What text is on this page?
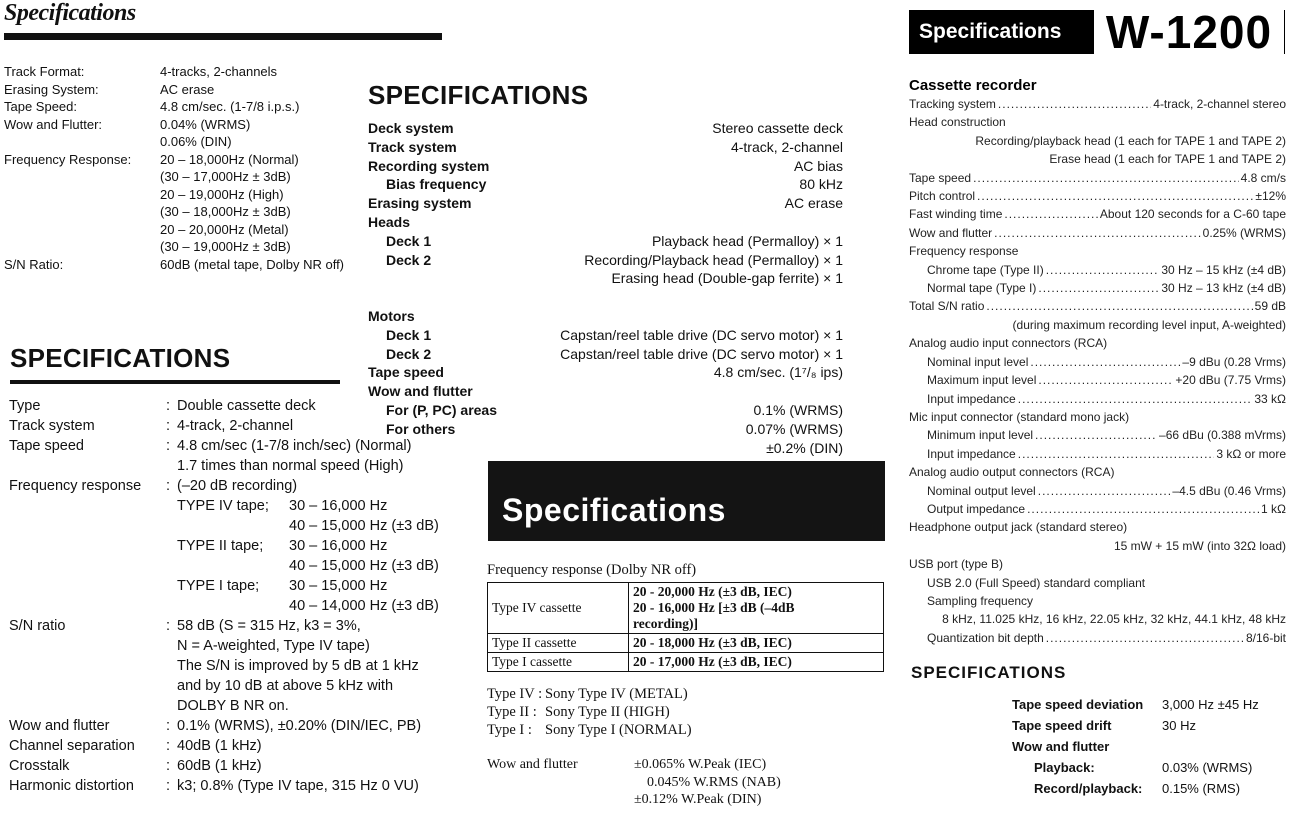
Specifications
Track Format:	4-tracks, 2-channels
Erasing System:	AC erase
Tape Speed:	4.8 cm/sec. (1-7/8 i.p.s.)
Wow and Flutter:	0.04% (WRMS)
0.06% (DIN)
Frequency Response:	20 – 18,000Hz (Normal)
(30 – 17,000Hz ± 3dB)
20 – 19,000Hz (High)
(30 – 18,000Hz ± 3dB)
20 – 20,000Hz (Metal)
(30 – 19,000Hz ± 3dB)
S/N Ratio:	60dB (metal tape, Dolby NR off)
SPECIFICATIONS
Deck system	Stereo cassette deck
Track system	4-track, 2-channel
Recording system	AC bias
Bias frequency	80 kHz
Erasing system	AC erase
Heads
Deck 1	Playback head (Permalloy) × 1
Deck 2	Recording/Playback head (Permalloy) × 1
Erasing head (Double-gap ferrite) × 1
Motors
Deck 1	Capstan/reel table drive (DC servo motor) × 1
Deck 2	Capstan/reel table drive (DC servo motor) × 1
Tape speed	4.8 cm/sec. (1⁷/₈ ips)
Wow and flutter
For (P, PC) areas	0.1% (WRMS)
For others	0.07% (WRMS)
±0.2% (DIN)
SPECIFICATIONS
Type	: Double cassette deck
Track system	: 4-track, 2-channel
Tape speed	: 4.8 cm/sec (1-7/8 inch/sec) (Normal)
1.7 times than normal speed (High)
Frequency response	: (–20 dB recording)
TYPE IV tape;	30 – 16,000 Hz
40 – 15,000 Hz (±3 dB)
TYPE II tape;	30 – 16,000 Hz
40 – 15,000 Hz (±3 dB)
TYPE I tape;	30 – 15,000 Hz
40 – 14,000 Hz (±3 dB)
S/N ratio	: 58 dB (S = 315 Hz, k3 = 3%,
N = A-weighted, Type IV tape)
The S/N is improved by 5 dB at 1 kHz
and by 10 dB at above 5 kHz with
DOLBY B NR on.
Wow and flutter	: 0.1% (WRMS), ±0.20% (DIN/IEC, PB)
Channel separation	: 40dB (1 kHz)
Crosstalk	: 60dB (1 kHz)
Harmonic distortion	: k3; 0.8% (Type IV tape, 315 Hz 0 VU)
Specifications
Frequency response (Dolby NR off)
Type IV cassette	20 - 20,000 Hz (±3 dB, IEC)
20 - 16,000 Hz [±3 dB (–4dB
recording)]

Type II cassette	20 - 18,000 Hz (±3 dB, IEC)
Type I cassette	20 - 17,000 Hz (±3 dB, IEC)
Type IV : Sony Type IV (METAL)
Type II : Sony Type II (HIGH)
Type I : Sony Type I (NORMAL)
Wow and flutter	±0.065% W.Peak (IEC)
0.045% W.RMS (NAB)
±0.12% W.Peak (DIN)
Specifications W-1200
Cassette recorder
Tracking system .....	4-track, 2-channel stereo
Head construction
Recording/playback head (1 each for TAPE 1 and TAPE 2)
Erase head (1 each for TAPE 1 and TAPE 2)
Tape speed .....	4.8 cm/s
Pitch control .....	±12%
Fast winding time .....	About 120 seconds for a C-60 tape
Wow and flutter .....	0.25% (WRMS)
Frequency response
Chrome tape (Type II) .....	30 Hz – 15 kHz (±4 dB)
Normal tape (Type I) .....	30 Hz – 13 kHz (±4 dB)
Total S/N ratio .....	59 dB
(during maximum recording level input, A-weighted)
Analog audio input connectors (RCA)
Nominal input level .....	–9 dBu (0.28 Vrms)
Maximum input level .....	+20 dBu (7.75 Vrms)
Input impedance .....	33 kΩ
Mic input connector (standard mono jack)
Minimum input level .....	–66 dBu (0.388 mVrms)
Input impedance .....	3 kΩ or more
Analog audio output connectors (RCA)
Nominal output level .....	–4.5 dBu (0.46 Vrms)
Output impedance .....	1 kΩ
Headphone output jack (standard stereo)
15 mW + 15 mW (into 32Ω load)
USB port (type B)
USB 2.0 (Full Speed) standard compliant
Sampling frequency
8 kHz, 11.025 kHz, 16 kHz, 22.05 kHz, 32 kHz, 44.1 kHz, 48 kHz
Quantization bit depth .....	8/16-bit
SPECIFICATIONS
Tape speed deviation	3,000 Hz ±45 Hz
Tape speed drift	30 Hz
Wow and flutter
Playback:	0.03% (WRMS)
Record/playback:	0.15% (RMS)
